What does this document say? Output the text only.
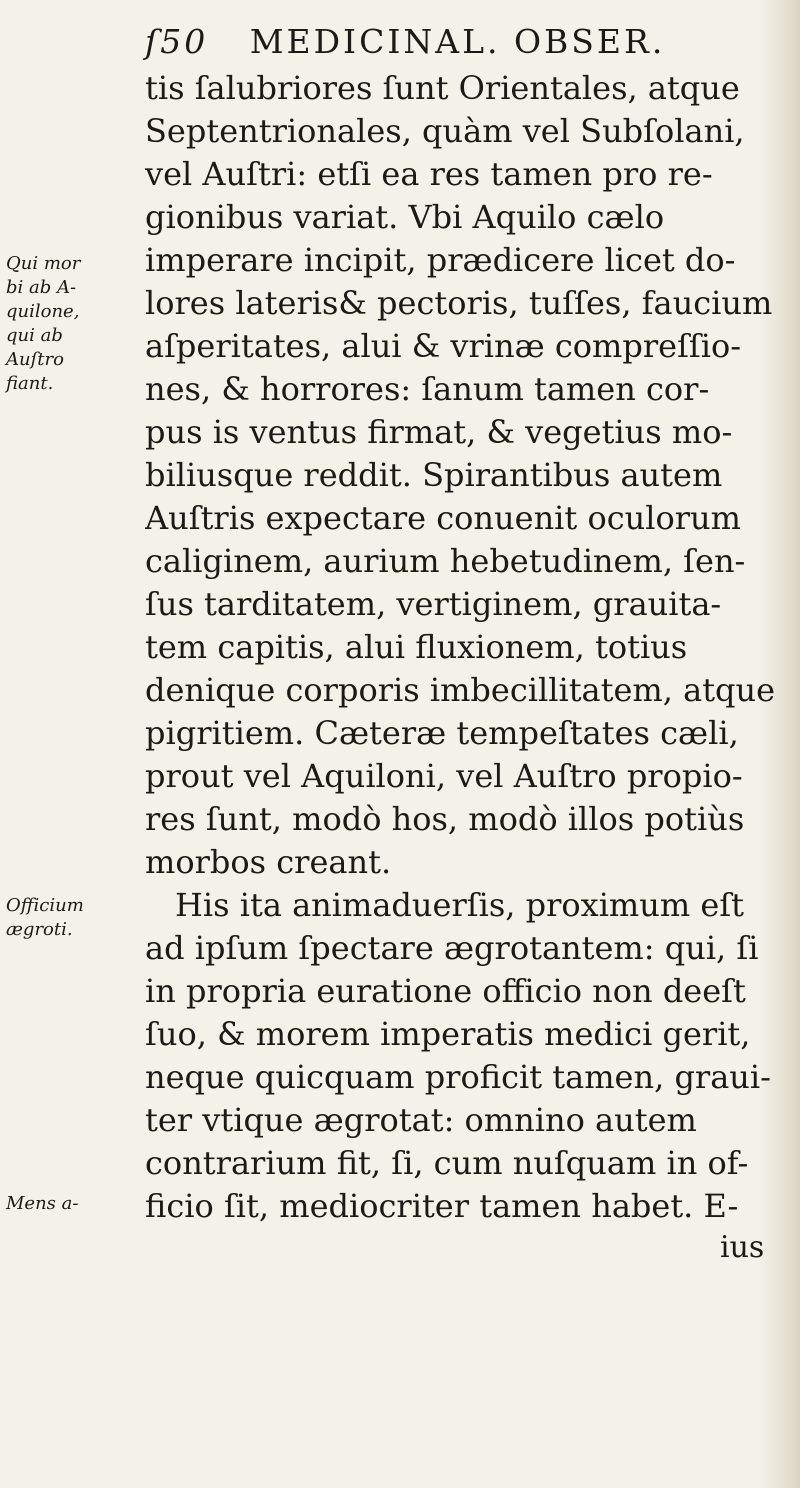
ſ50 MEDICINAL. OBSER.
tis ſalubriores ſunt Orientales, atque
Septentrionales, quàm vel Subſolani,
vel Auſtri: etſi ea res tamen pro re-
gionibus variat. Vbi Aquilo cælo
imperare incipit, prædicere licet do-
lores lateris& pectoris, tuſſes, faucium
aſperitates, alui & vrinæ compreſſio-
nes, & horrores: ſanum tamen cor-
pus is ventus firmat, & vegetius mo-
biliusque reddit. Spirantibus autem
Auſtris expectare conuenit oculorum
caliginem, aurium hebetudinem, ſen-
ſus tarditatem, vertiginem, grauita-
tem capitis, alui fluxionem, totius
denique corporis imbecillitatem, atque
pigritiem. Cæteræ tempeſtates cæli,
prout vel Aquiloni, vel Auſtro propio-
res ſunt, modò hos, modò illos potiùs
morbos creant.
His ita animaduerſis, proximum eſt
ad ipſum ſpectare ægrotantem: qui, ſi
in propria euratione officio non deeſt
ſuo, & morem imperatis medici gerit,
neque quicquam proficit tamen, graui-
ter vtique ægrotat: omnino autem
contrarium fit, ſi, cum nuſquam in of-
ficio ſit, mediocriter tamen habet. E-
ius
Qui mor
bi ab A-
quilone,
qui ab
Auſtro
fiant.
Officium
ægroti.
Mens a-
